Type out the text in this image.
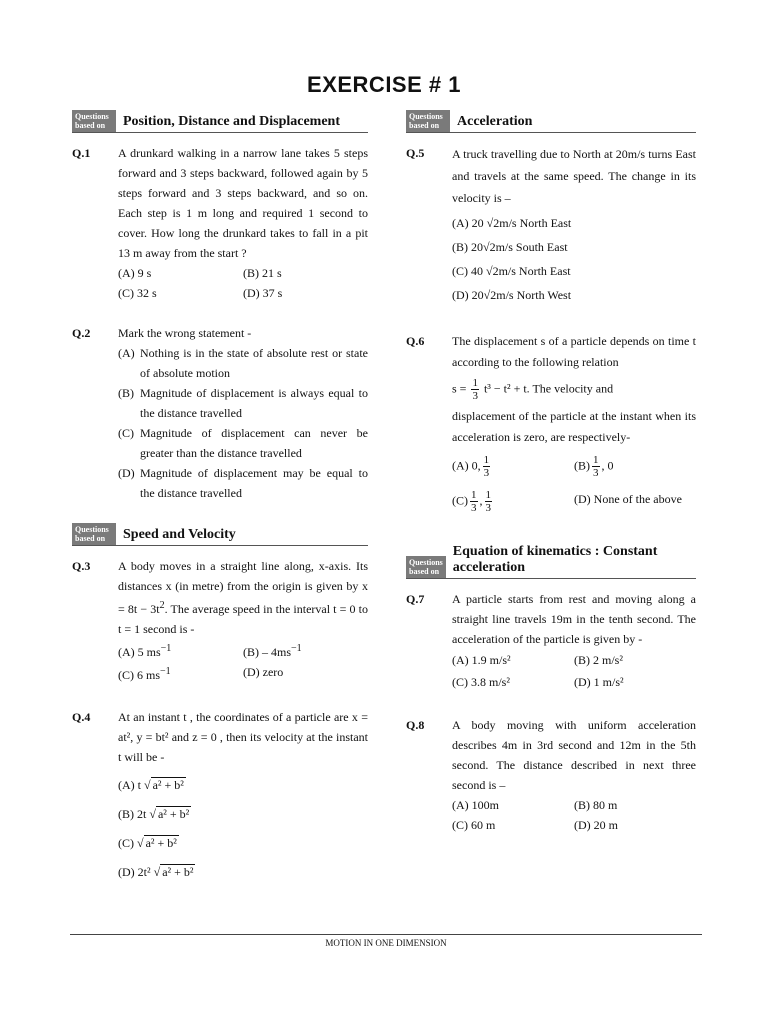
EXERCISE # 1
Questions based on	Position, Distance and Displacement
Q.1	A drunkard walking in a narrow lane takes 5 steps forward and 3 steps backward, followed again by 5 steps forward and 3 steps backward, and so on. Each step is 1 m long and required 1 second to cover. How long the drunkard takes to fall in a pit 13 m away from the start ?
(A) 9 s	(B) 21 s
(C) 32 s	(D) 37 s
Q.2	Mark the wrong statement -
(A) Nothing is in the state of absolute rest or state of absolute motion
(B) Magnitude of displacement is always equal to the distance travelled
(C) Magnitude of displacement can never be greater than the distance travelled
(D) Magnitude of displacement may be equal to the distance travelled
Questions based on	Speed and Velocity
Q.3	A body moves in a straight line along, x-axis. Its distances x (in metre) from the origin is given by $x = 8t - 3t^2$. The average speed in the interval t = 0 to t = 1 second is -
(A) 5 $ms^{-1}$	$(B) - 4ms^{-1}$
(C) 6 $ms^{-1}$	(D) zero
Q.4	At an instant t , the coordinates of a particle are x = at², y = bt² and z = 0 , then its velocity at the instant t will be -
(A) t √ a² + b²
(B) 2t √ a² + b²
(C) √ a² + b²
(D) 2t² √ a² + b²
Questions based on	Acceleration
Q.5	A truck travelling due to North at 20m/s turns East and travels at the same speed. The change in its velocity is –
(A) 20 √2m/s North East
(B) 20√2m/s South East
(C) 40 √2m/s North East
(D) 20√2m/s North West
Q.6	The displacement s of a particle depends on time t according to the following relation
$s = \frac{1}{3} t^3 - t^2 + t$. The velocity and
displacement of the particle at the instant when its acceleration is zero, are respectively-
(A) 0, $\frac{1}{3}$	$(B) \frac{1}{3}$ , 0
$(C) \frac{1}{3}$ , $\frac{1}{3}$	(D) None of the above
Questions based on
Equation of kinematics : Constant acceleration
Q.7	A particle starts from rest and moving along a straight line travels 19m in the tenth second. The acceleration of the particle is given by -
(A) 1.9 m/s²	(B) 2 m/s²
(C) 3.8 m/s²	(D) 1 m/s²
Q.8	A body moving with uniform acceleration describes 4m in 3rd second and 12m in the 5th second. The distance described in next three second is –
(A) 100m	(B) 80 m
(C) 60 m	(D) 20 m
MOTION IN ONE DIMENSION
